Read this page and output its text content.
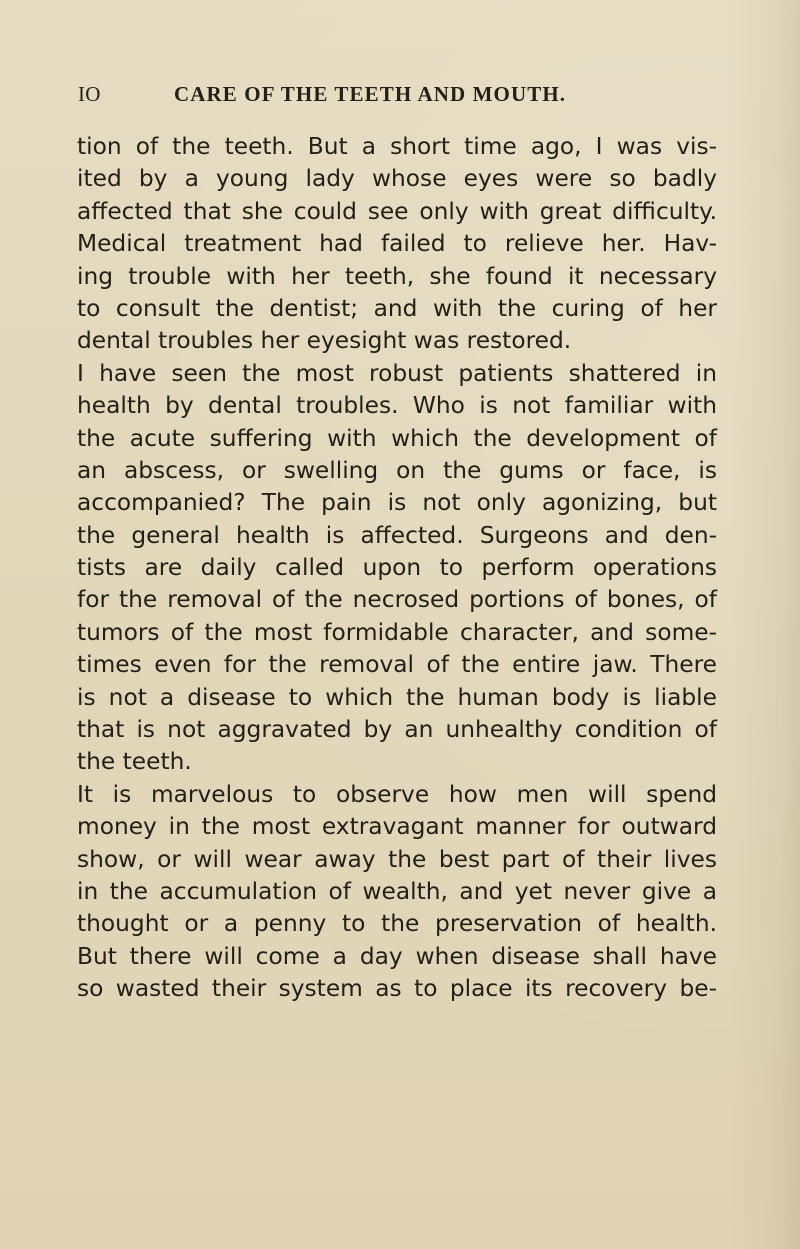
IO	CARE OF THE TEETH AND MOUTH.
tion of the teeth. But a short time ago, I was vis-
ited by a young lady whose eyes were so badly
affected that she could see only with great difficulty.
Medical treatment had failed to relieve her. Hav-
ing trouble with her teeth, she found it necessary
to consult the dentist; and with the curing of her
dental troubles her eyesight was restored.
I have seen the most robust patients shattered in
health by dental troubles. Who is not familiar with
the acute suffering with which the development of
an abscess, or swelling on the gums or face, is
accompanied? The pain is not only agonizing, but
the general health is affected. Surgeons and den-
tists are daily called upon to perform operations
for the removal of the necrosed portions of bones, of
tumors of the most formidable character, and some-
times even for the removal of the entire jaw. There
is not a disease to which the human body is liable
that is not aggravated by an unhealthy condition of
the teeth.
It is marvelous to observe how men will spend
money in the most extravagant manner for outward
show, or will wear away the best part of their lives
in the accumulation of wealth, and yet never give a
thought or a penny to the preservation of health.
But there will come a day when disease shall have
so wasted their system as to place its recovery be-
